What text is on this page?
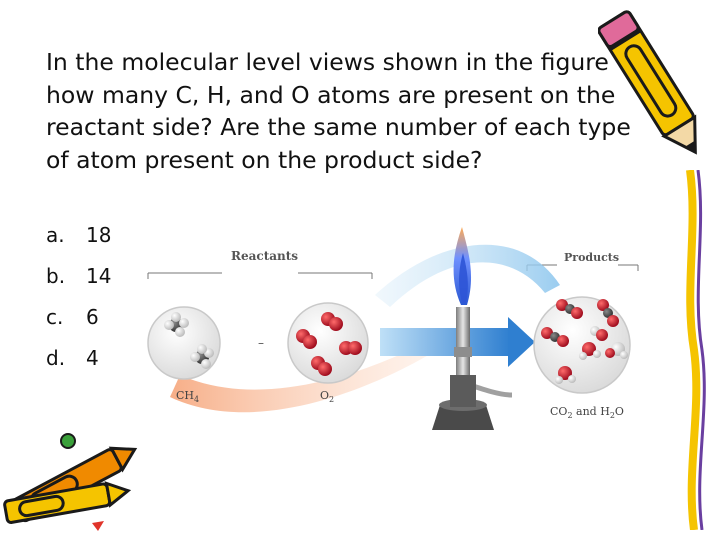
In the molecular level views shown in the figure how many C, H, and O atoms are present on the reactant side? Are the same number of each type of atom present on the product side?

a. 18
b. 14
c. 6
d. 4
–
Reactants	Products
$CH_4$	$O_2$
$CO_2$ and $H_2O$
